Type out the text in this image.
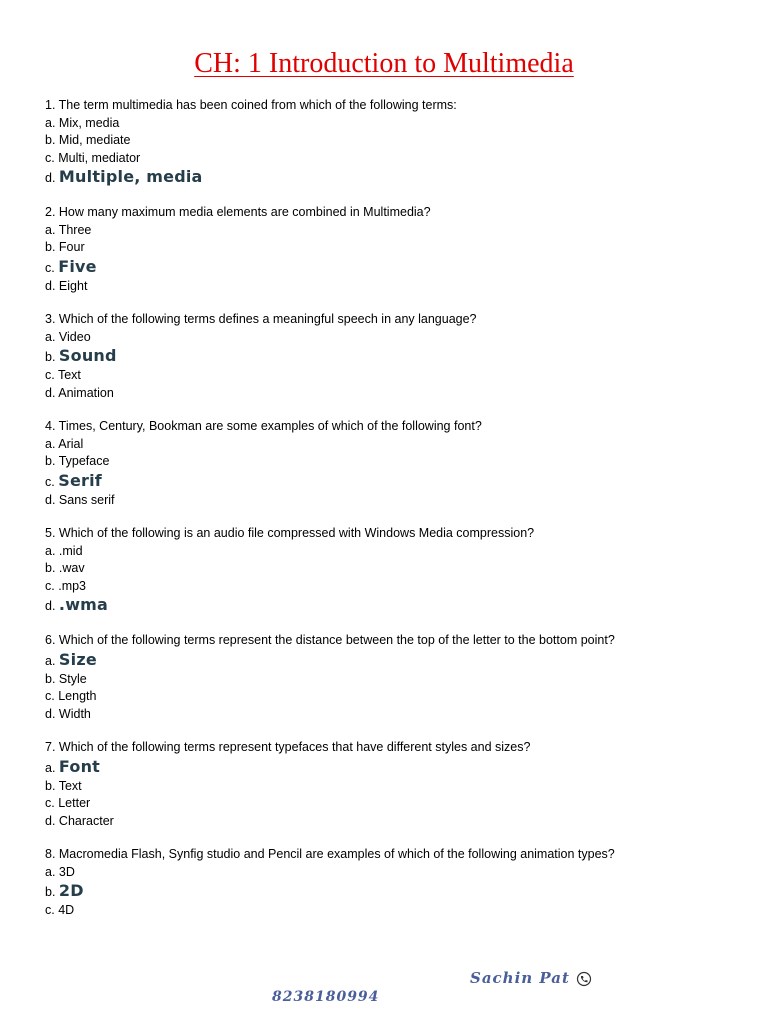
CH: 1 Introduction to Multimedia
1. The term multimedia has been coined from which of the following terms:
a. Mix, media
b. Mid, mediate
c. Multi, mediator
d. Multiple, media
2. How many maximum media elements are combined in Multimedia?
a. Three
b. Four
c. Five
d. Eight
3. Which of the following terms defines a meaningful speech in any language?
a. Video
b. Sound
c. Text
d. Animation
4. Times, Century, Bookman are some examples of which of the following font?
a. Arial
b. Typeface
c. Serif
d. Sans serif
5. Which of the following is an audio file compressed with Windows Media compression?
a. .mid
b. .wav
c. .mp3
d. .wma
6. Which of the following terms represent the distance between the top of the letter to the bottom point?
a. Size
b. Style
c. Length
d. Width
7. Which of the following terms represent typefaces that have different styles and sizes?
a. Font
b. Text
c. Letter
d. Character
8. Macromedia Flash, Synfig studio and Pencil are examples of which of the following animation types?
a. 3D
b. 2D
c. 4D
Sachin Pat
8238180994
